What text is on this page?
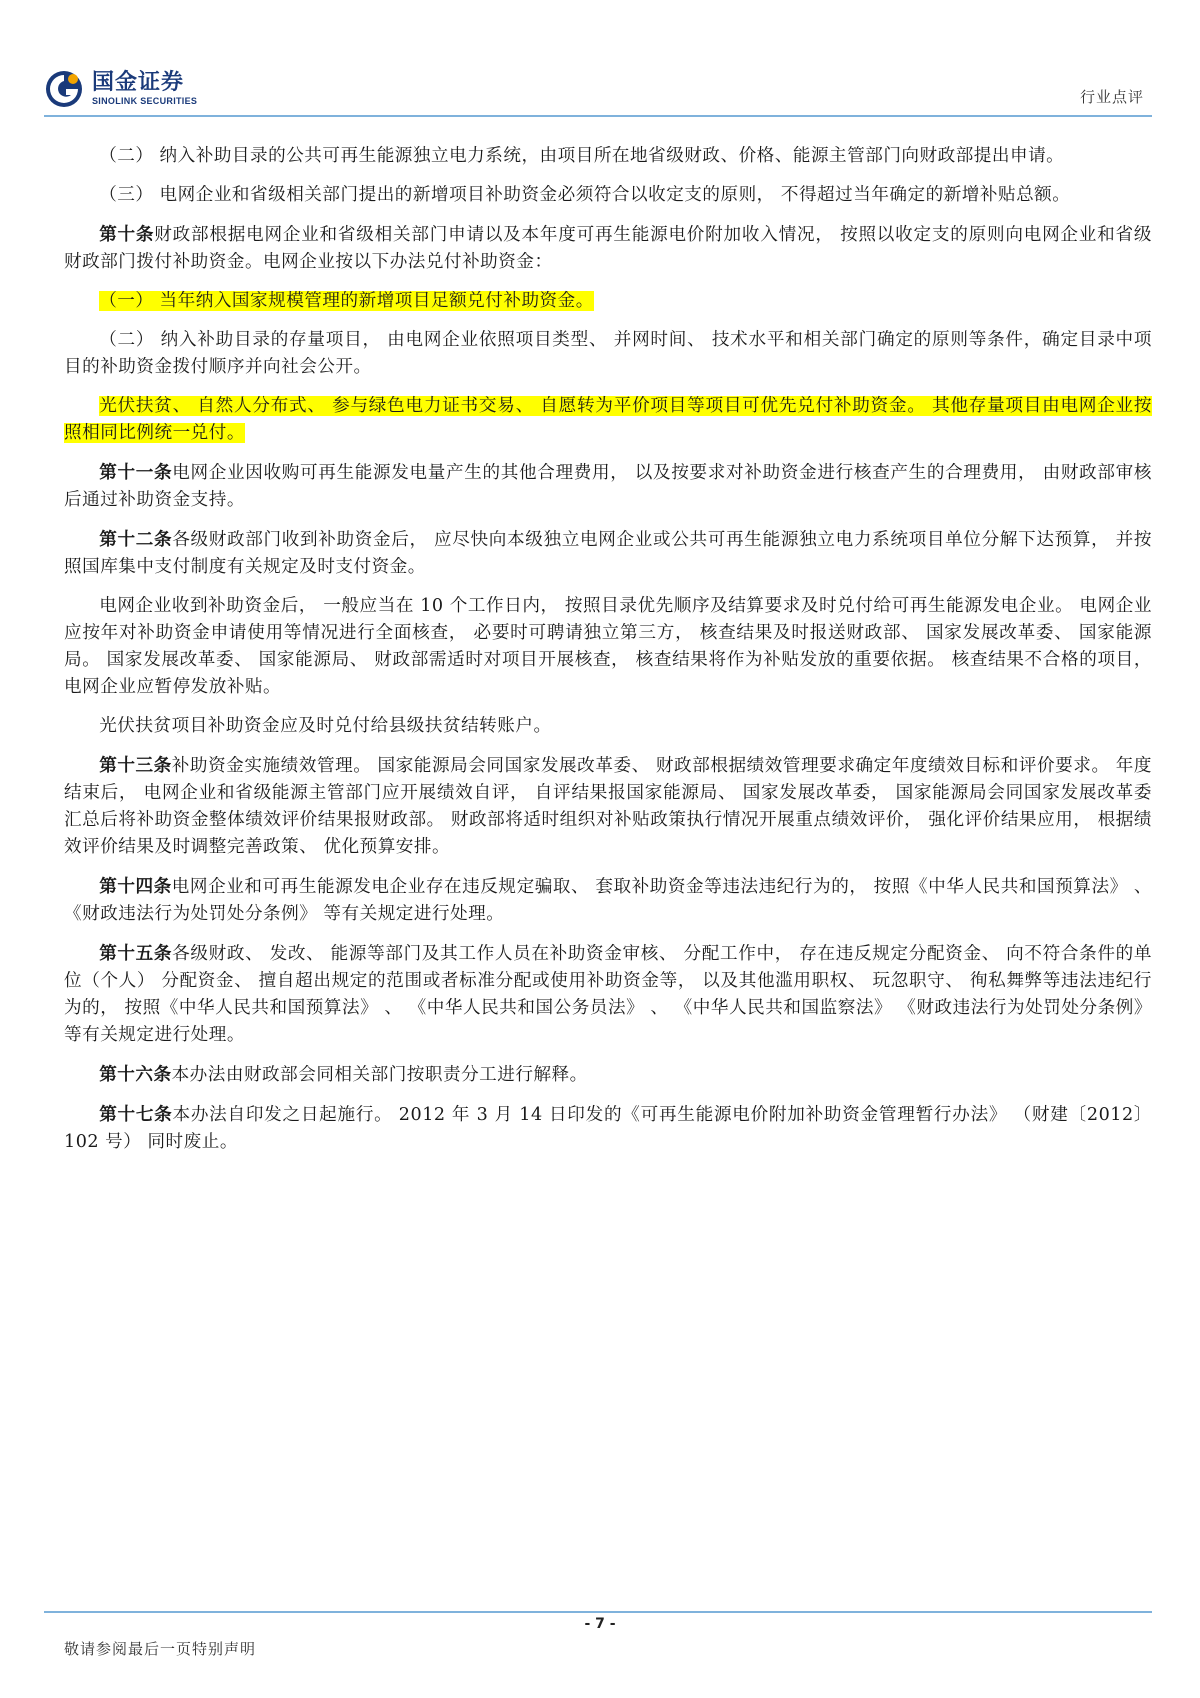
国金证券
SINOLINK SECURITIES	行业点评

（二） 纳入补助目录的公共可再生能源独立电力系统，由项目所在地省级财政、价格、能源主管部门向财政部提出申请。

（三） 电网企业和省级相关部门提出的新增项目补助资金必须符合以收定支的原则， 不得超过当年确定的新增补贴总额。

第十条财政部根据电网企业和省级相关部门申请以及本年度可再生能源电价附加收入情况， 按照以收定支的原则向电网企业和省级财政部门拨付补助资金。电网企业按以下办法兑付补助资金：

（一） 当年纳入国家规模管理的新增项目足额兑付补助资金。

（二） 纳入补助目录的存量项目， 由电网企业依照项目类型、 并网时间、 技术水平和相关部门确定的原则等条件，确定目录中项目的补助资金拨付顺序并向社会公开。

光伏扶贫、 自然人分布式、 参与绿色电力证书交易、 自愿转为平价项目等项目可优先兑付补助资金。 其他存量项目由电网企业按照相同比例统一兑付。

第十一条电网企业因收购可再生能源发电量产生的其他合理费用， 以及按要求对补助资金进行核查产生的合理费用， 由财政部审核后通过补助资金支持。

第十二条各级财政部门收到补助资金后， 应尽快向本级独立电网企业或公共可再生能源独立电力系统项目单位分解下达预算， 并按照国库集中支付制度有关规定及时支付资金。

电网企业收到补助资金后， 一般应当在 10 个工作日内， 按照目录优先顺序及结算要求及时兑付给可再生能源发电企业。 电网企业应按年对补助资金申请使用等情况进行全面核查， 必要时可聘请独立第三方， 核查结果及时报送财政部、 国家发展改革委、 国家能源局。 国家发展改革委、 国家能源局、 财政部需适时对项目开展核查， 核查结果将作为补贴发放的重要依据。 核查结果不合格的项目， 电网企业应暂停发放补贴。

光伏扶贫项目补助资金应及时兑付给县级扶贫结转账户。

第十三条补助资金实施绩效管理。 国家能源局会同国家发展改革委、 财政部根据绩效管理要求确定年度绩效目标和评价要求。 年度结束后， 电网企业和省级能源主管部门应开展绩效自评， 自评结果报国家能源局、 国家发展改革委， 国家能源局会同国家发展改革委汇总后将补助资金整体绩效评价结果报财政部。 财政部将适时组织对补贴政策执行情况开展重点绩效评价， 强化评价结果应用， 根据绩效评价结果及时调整完善政策、 优化预算安排。

第十四条电网企业和可再生能源发电企业存在违反规定骗取、 套取补助资金等违法违纪行为的， 按照《中华人民共和国预算法》 、 《财政违法行为处罚处分条例》 等有关规定进行处理。

第十五条各级财政、 发改、 能源等部门及其工作人员在补助资金审核、 分配工作中， 存在违反规定分配资金、 向不符合条件的单位（个人） 分配资金、 擅自超出规定的范围或者标准分配或使用补助资金等， 以及其他滥用职权、 玩忽职守、 徇私舞弊等违法违纪行为的， 按照《中华人民共和国预算法》 、 《中华人民共和国公务员法》 、 《中华人民共和国监察法》 《财政违法行为处罚处分条例》 等有关规定进行处理。

第十六条本办法由财政部会同相关部门按职责分工进行解释。

第十七条本办法自印发之日起施行。 2012 年 3 月 14 日印发的《可再生能源电价附加补助资金管理暂行办法》 （财建〔2012〕102 号） 同时废止。

- 7 -
敬请参阅最后一页特别声明
